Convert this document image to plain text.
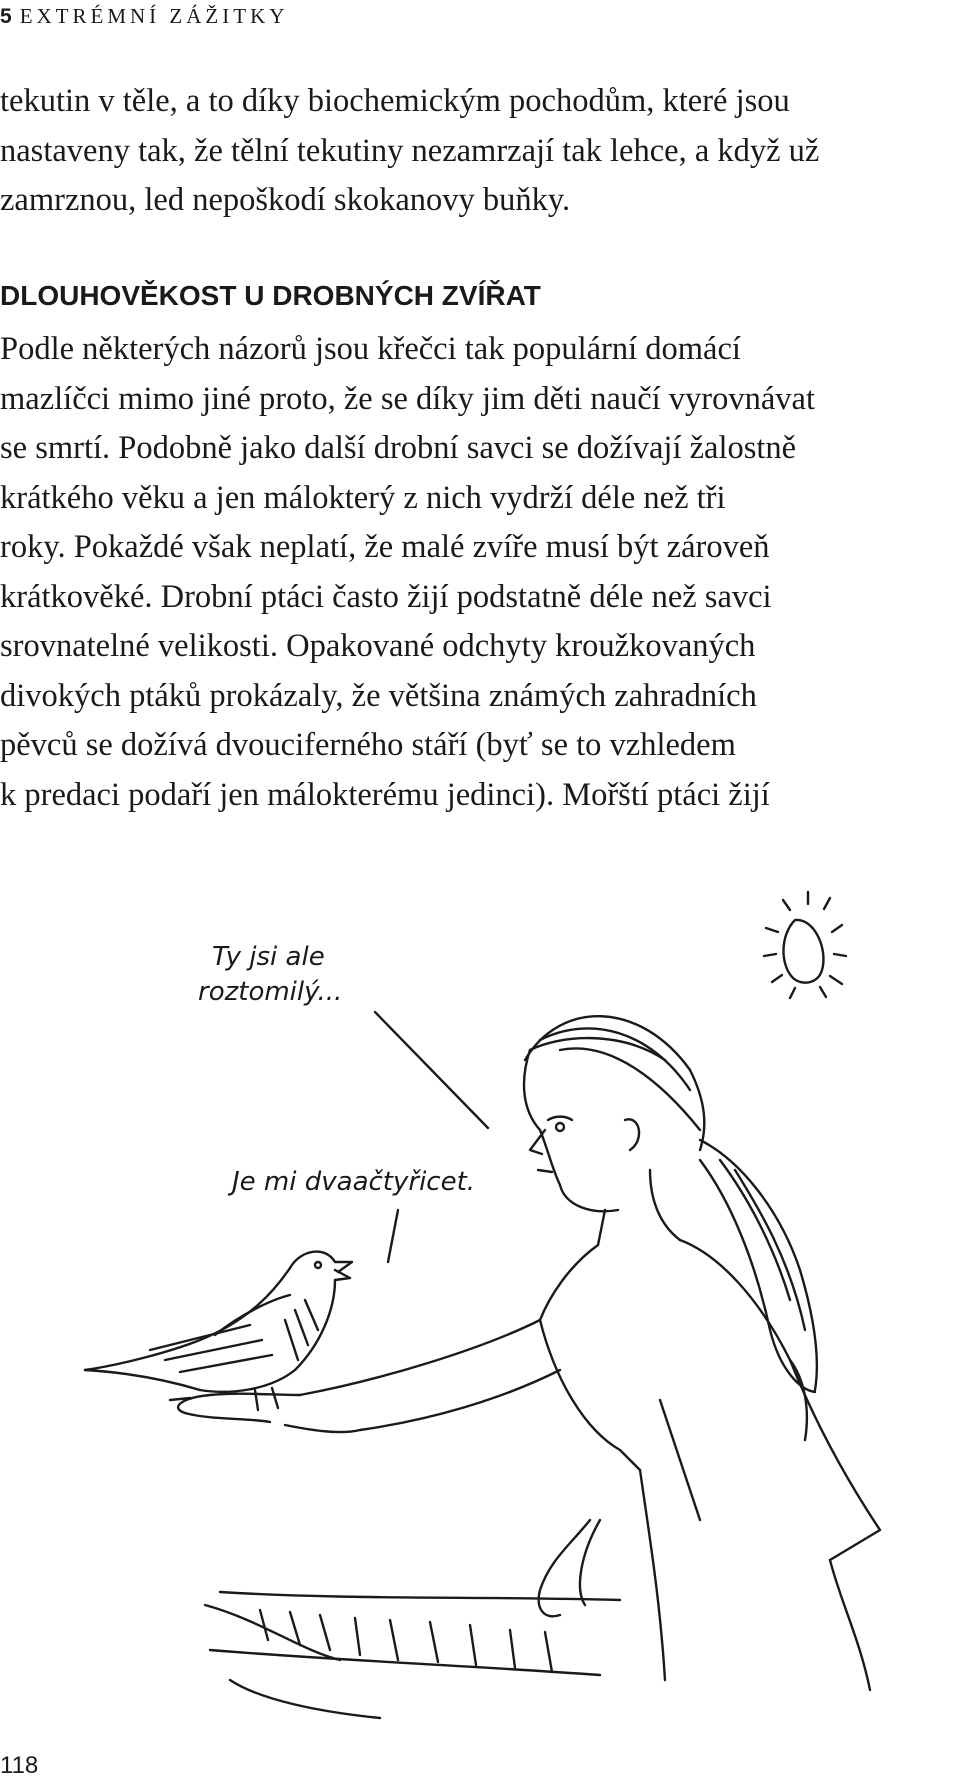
5 EXTRÉMNÍ ZÁŽITKY

tekutin v těle, a to díky biochemickým pochodům, které jsou
nastaveny tak, že tělní tekutiny nezamrzají tak lehce, a když už
zamrznou, led nepoškodí skokanovy buňky.

DLOUHOVĚKOST U DROBNÝCH ZVÍŘAT

Podle některých názorů jsou křečci tak populární domácí
mazlíčci mimo jiné proto, že se díky jim děti naučí vyrovnávat
se smrtí. Podobně jako další drobní savci se dožívají žalostně
krátkého věku a jen málokterý z nich vydrží déle než tři
roky. Pokaždé však neplatí, že malé zvíře musí být zároveň
krátkověké. Drobní ptáci často žijí podstatně déle než savci
srovnatelné velikosti. Opakované odchyty kroužkovaných
divokých ptáků prokázaly, že většina známých zahradních
pěvců se dožívá dvouciferného stáří (byť se to vzhledem
k predaci podaří jen málokterému jedinci). Mořští ptáci žijí

Ty jsi ale
roztomilý...
Je mi dvaačtyřicet.
118
